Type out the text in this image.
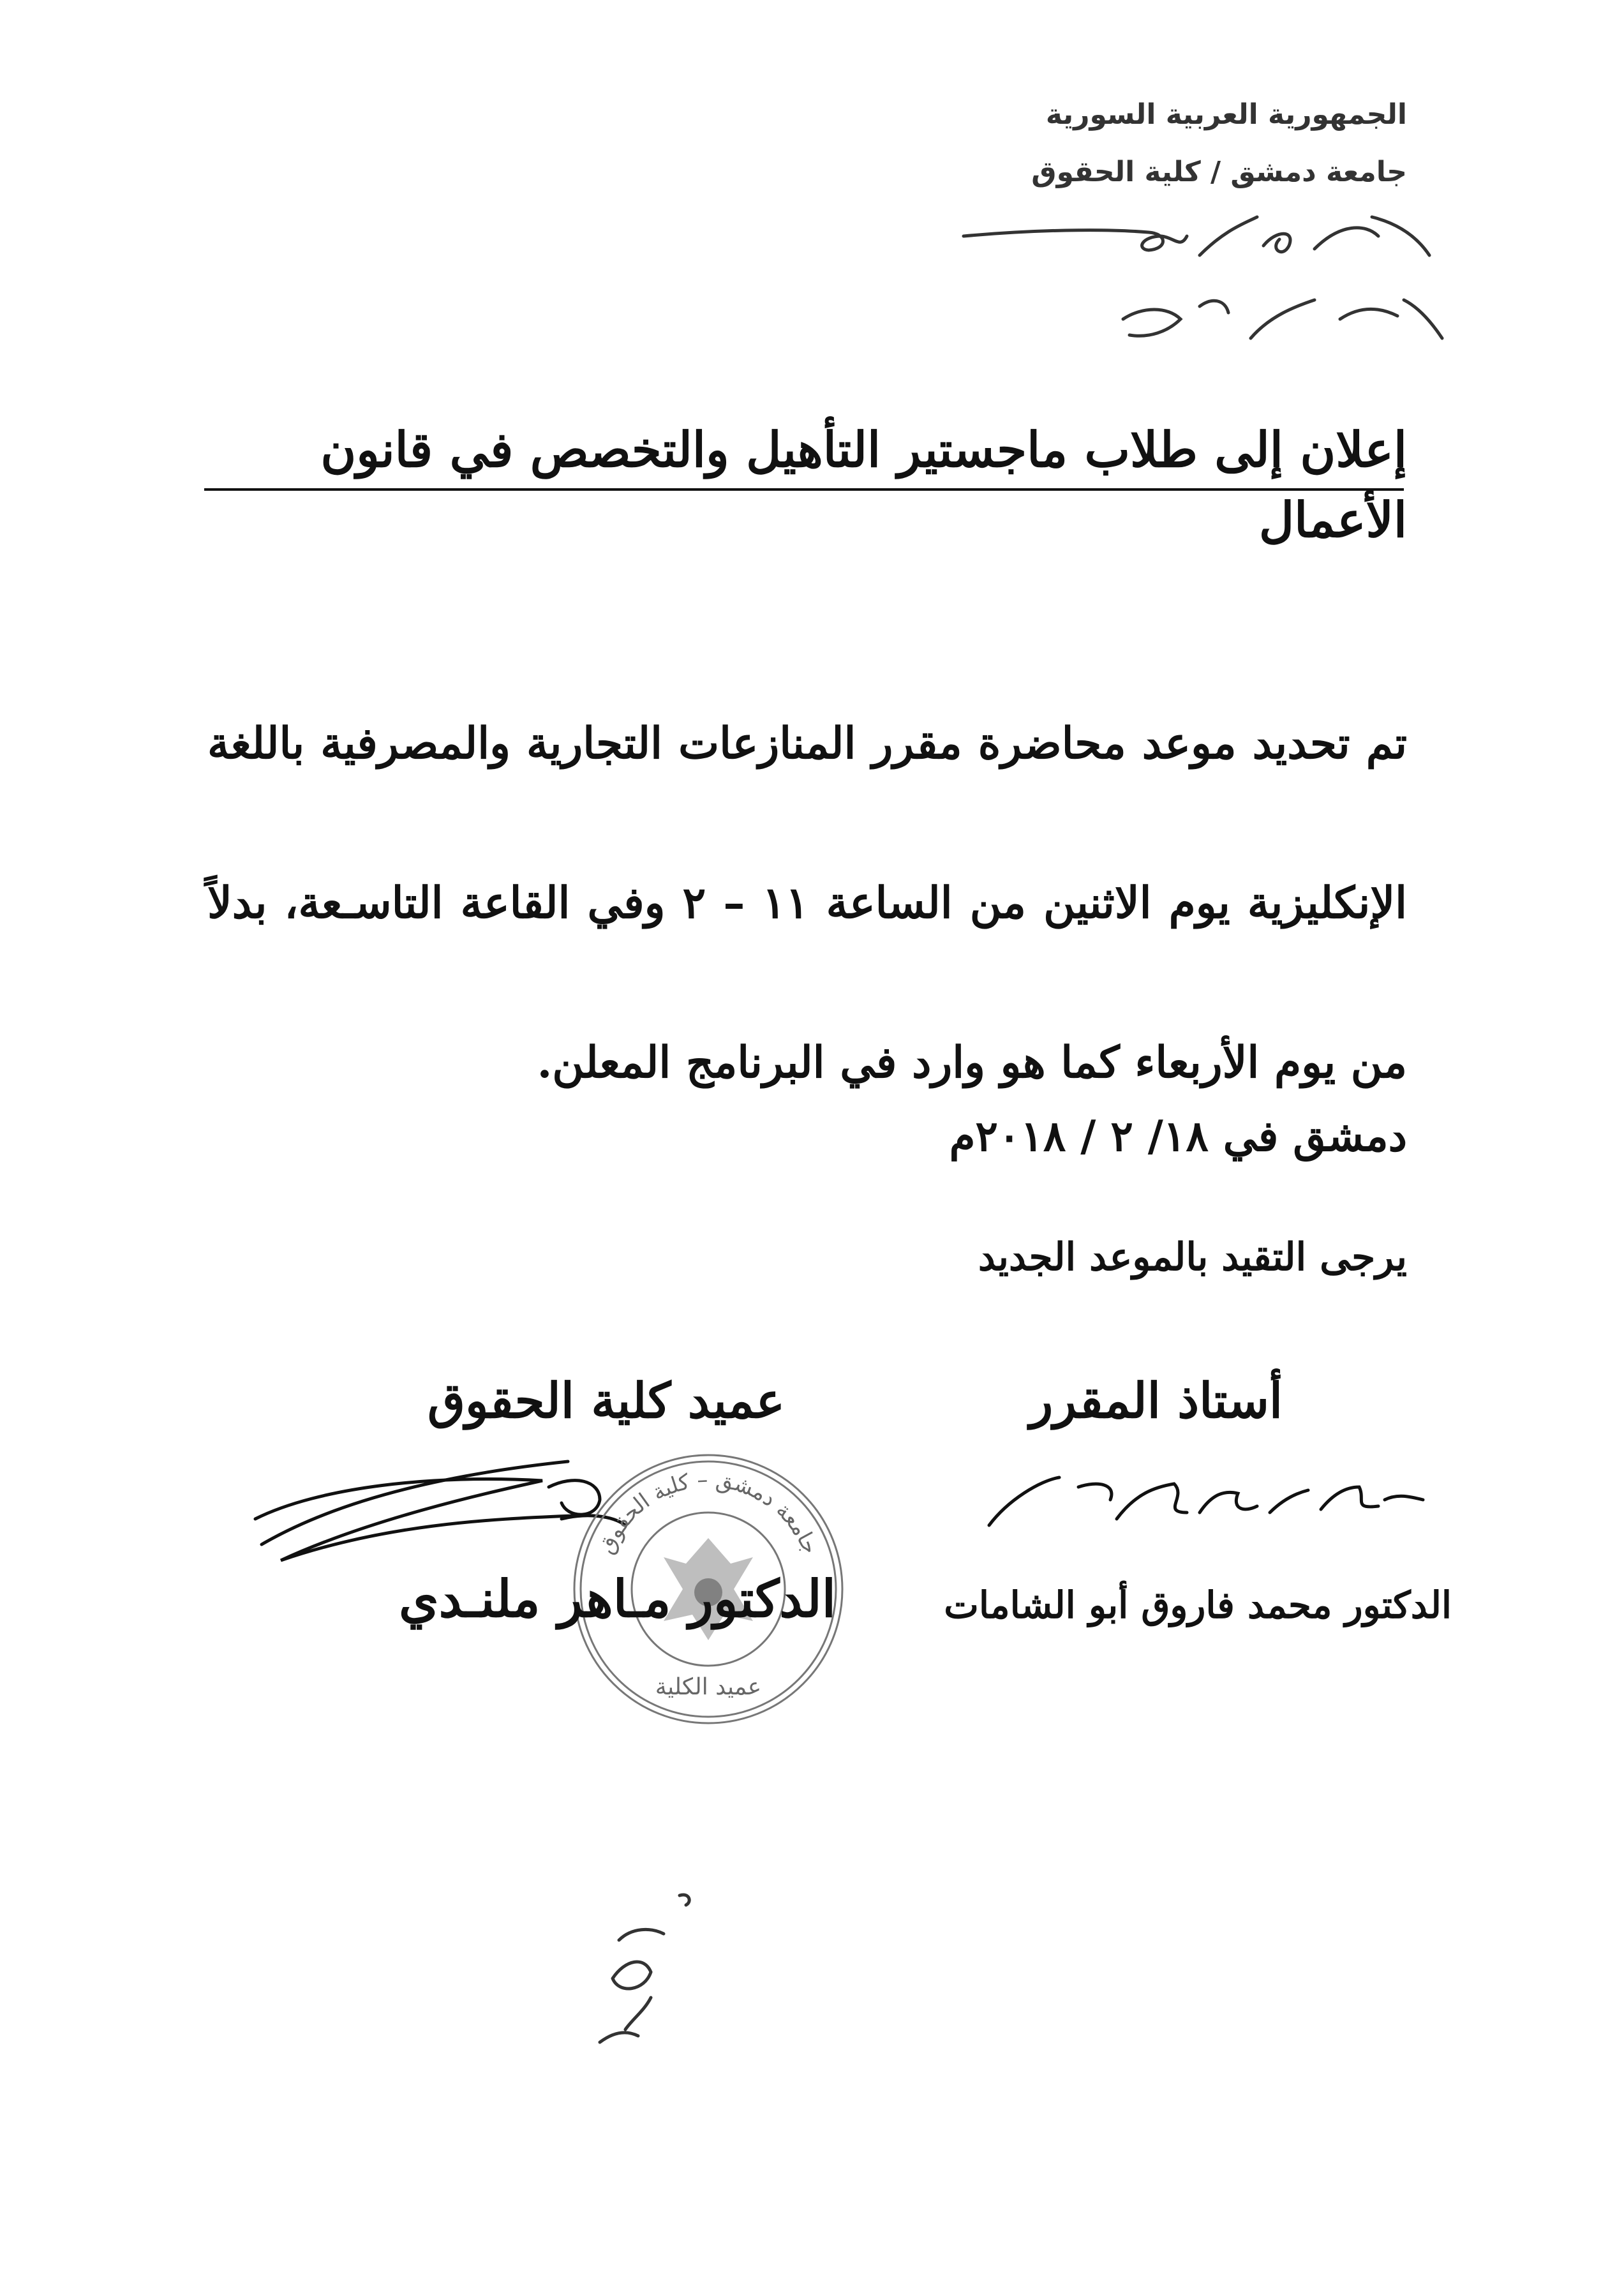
الجمهورية العربية السورية
جامعة دمشق / كلية الحقوق
إعلان إلى طلاب ماجستير التأهيل والتخصص في قانون الأعمال
تم تحديد موعد محاضرة مقرر المنازعات التجارية والمصرفية باللغة الإنكليزية يوم الاثنين من الساعة ١١ – ٢ وفي القاعة التاسـعة، بدلاً من يوم الأربعاء كما هو وارد في البرنامج المعلن.
دمشق في ١٨/ ٢ / ٢٠١٨م
يرجى التقيد بالموعد الجديد
عميد كلية الحقوق	أستاذ المقرر
جامعة دمشق – كلية الحقوق
عميد الكلية
الدكتور مـاهر ملنـدي	الدكتور محمد فاروق أبو الشامات
